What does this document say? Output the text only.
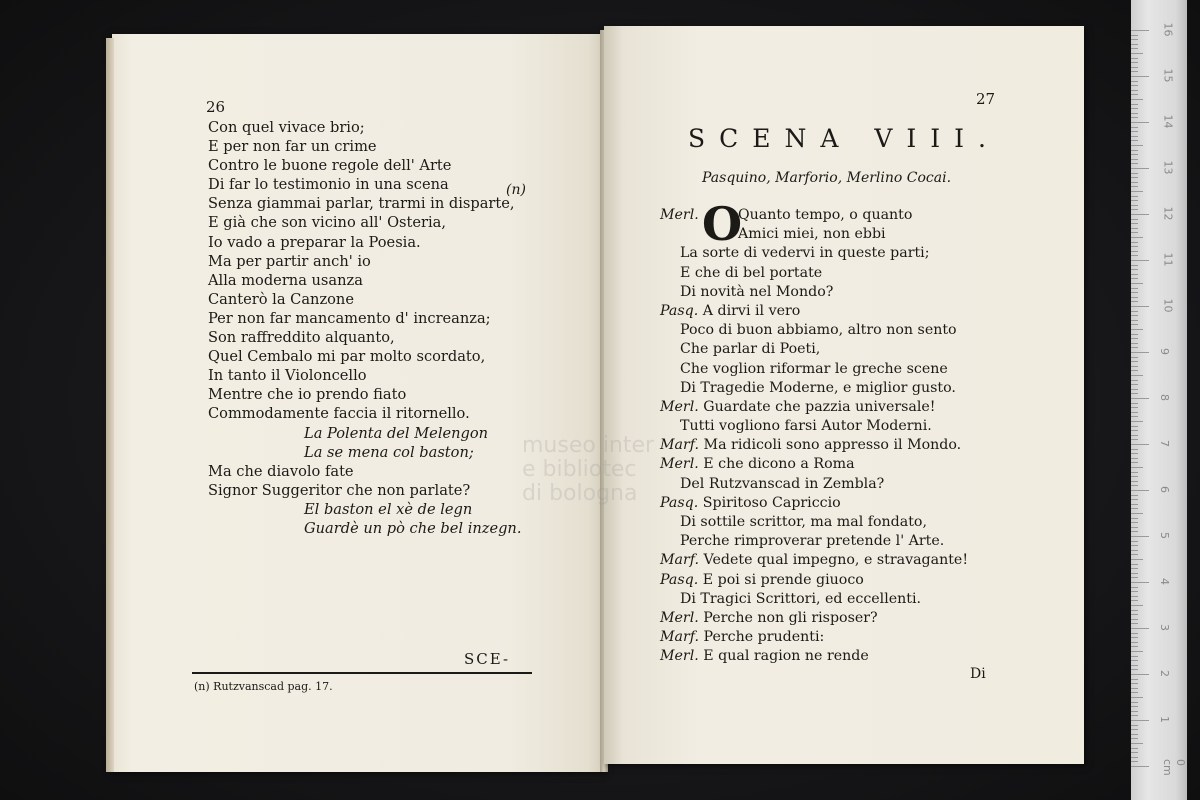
26
Con quel vivace brio;
E per non far un crime
Contro le buone regole dell' Arte
Di far lo testimonio in una scena
Senza giammai parlar, trarmi in disparte,
E già che son vicino all' Osteria,
Io vado a preparar la Poesia.
Ma per partir anch' io
Alla moderna usanza
Canterò la Canzone
Per non far mancamento d' increanza;
Son raffreddito alquanto,
Quel Cembalo mi par molto scordato,
In tanto il Violoncello
Mentre che io prendo fiato
Commodamente faccia il ritornello.
La Polenta del Melengon
La se mena col baston;
Ma che diavolo fate
Signor Suggeritor che non parlate?
El baston el xè de legn
Guardè un pò che bel inzegn.
(n)
SCE-
(n) Rutzvanscad pag. 17.
27
SCENA VIII.
Pasquino, Marforio, Merlino Cocai.
Merl. O
Quanto tempo, o quanto
Amici miei, non ebbi
La sorte di vedervi in queste parti;
E che di bel portate
Di novità nel Mondo?
Pasq. A dirvi il vero
Poco di buon abbiamo, altro non sento
Che parlar di Poeti,
Che voglion riformar le greche scene
Di Tragedie Moderne, e miglior gusto.
Merl. Guardate che pazzia universale!
Tutti vogliono farsi Autor Moderni.
Marf. Ma ridicoli sono appresso il Mondo.
Merl. E che dicono a Roma
Del Rutzvanscad in Zembla?
Pasq. Spiritoso Capriccio
Di sottile scrittor, ma mal fondato,
Perche rimproverar pretende l' Arte.
Marf. Vedete qual impegno, e stravagante!
Pasq. E poi si prende giuoco
Di Tragici Scrittori, ed eccellenti.
Merl. Perche non gli risposer?
Marf. Perche prudenti:
Merl. E qual ragion ne rende
Di
museo inter
e bibliotec
di bologna
0 cm
1
2
3
4
5
6
7
8
9
10
11
12
13
14
15
16
